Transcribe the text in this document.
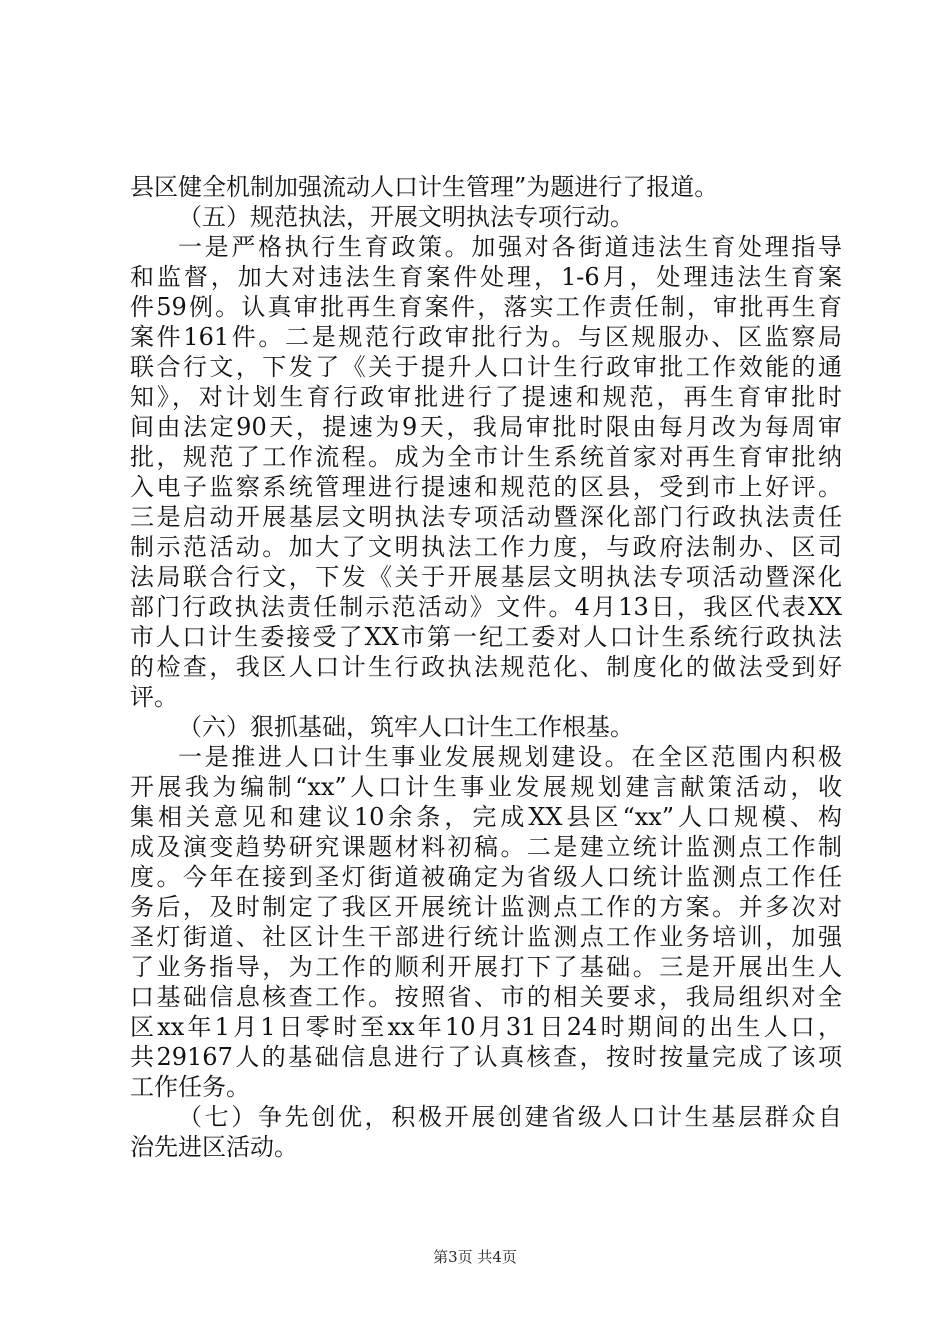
县区健全机制加强流动人口计生管理”为题进行了报道。
（五）规范执法，开展文明执法专项行动。
一是严格执行生育政策。加强对各街道违法生育处理指导
和监督，加大对违法生育案件处理，1-6月，处理违法生育案
件59例。认真审批再生育案件，落实工作责任制，审批再生育
案件161件。二是规范行政审批行为。与区规服办、区监察局
联合行文，下发了《关于提升人口计生行政审批工作效能的通
知》，对计划生育行政审批进行了提速和规范，再生育审批时
间由法定90天，提速为9天，我局审批时限由每月改为每周审
批，规范了工作流程。成为全市计生系统首家对再生育审批纳
入电子监察系统管理进行提速和规范的区县，受到市上好评。
三是启动开展基层文明执法专项活动暨深化部门行政执法责任
制示范活动。加大了文明执法工作力度，与政府法制办、区司
法局联合行文，下发《关于开展基层文明执法专项活动暨深化
部门行政执法责任制示范活动》文件。4月13日，我区代表XX
市人口计生委接受了XX市第一纪工委对人口计生系统行政执法
的检查，我区人口计生行政执法规范化、制度化的做法受到好
评。
（六）狠抓基础，筑牢人口计生工作根基。
一是推进人口计生事业发展规划建设。在全区范围内积极
开展我为编制“xx”人口计生事业发展规划建言献策活动，收
集相关意见和建议10余条，完成XX县区“xx”人口规模、构
成及演变趋势研究课题材料初稿。二是建立统计监测点工作制
度。今年在接到圣灯街道被确定为省级人口统计监测点工作任
务后，及时制定了我区开展统计监测点工作的方案。并多次对
圣灯街道、社区计生干部进行统计监测点工作业务培训，加强
了业务指导，为工作的顺利开展打下了基础。三是开展出生人
口基础信息核查工作。按照省、市的相关要求，我局组织对全
区xx年1月1日零时至xx年10月31日24时期间的出生人口，
共29167人的基础信息进行了认真核查，按时按量完成了该项
工作任务。
（七）争先创优，积极开展创建省级人口计生基层群众自
治先进区活动。
第3页 共4页
